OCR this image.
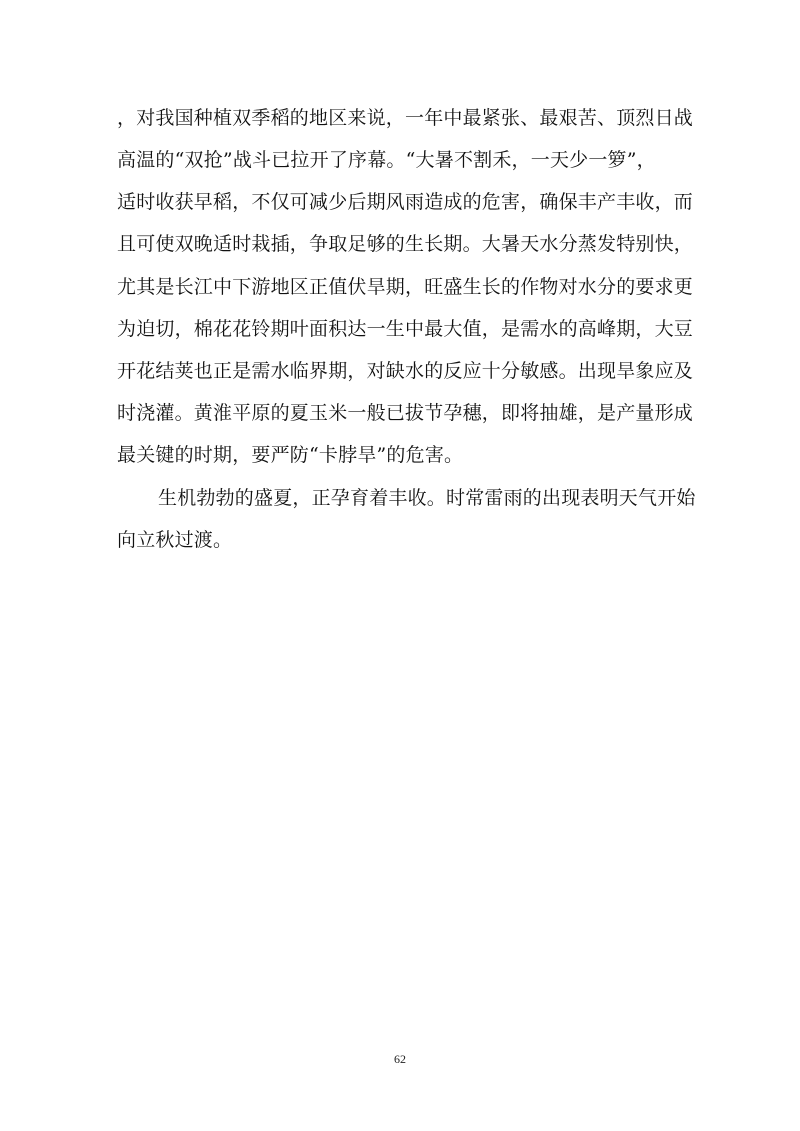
，对我国种植双季稻的地区来说，一年中最紧张、最艰苦、顶烈日战
高温的“双抢”战斗已拉开了序幕。“大暑不割禾，一天少一箩”，
适时收获早稻，不仅可减少后期风雨造成的危害，确保丰产丰收，而
且可使双晚适时栽插，争取足够的生长期。大暑天水分蒸发特别快，
尤其是长江中下游地区正值伏旱期，旺盛生长的作物对水分的要求更
为迫切，棉花花铃期叶面积达一生中最大值，是需水的高峰期，大豆
开花结荚也正是需水临界期，对缺水的反应十分敏感。出现旱象应及
时浇灌。黄淮平原的夏玉米一般已拔节孕穗，即将抽雄，是产量形成
最关键的时期，要严防“卡脖旱”的危害。
生机勃勃的盛夏，正孕育着丰收。时常雷雨的出现表明天气开始
向立秋过渡。
62
